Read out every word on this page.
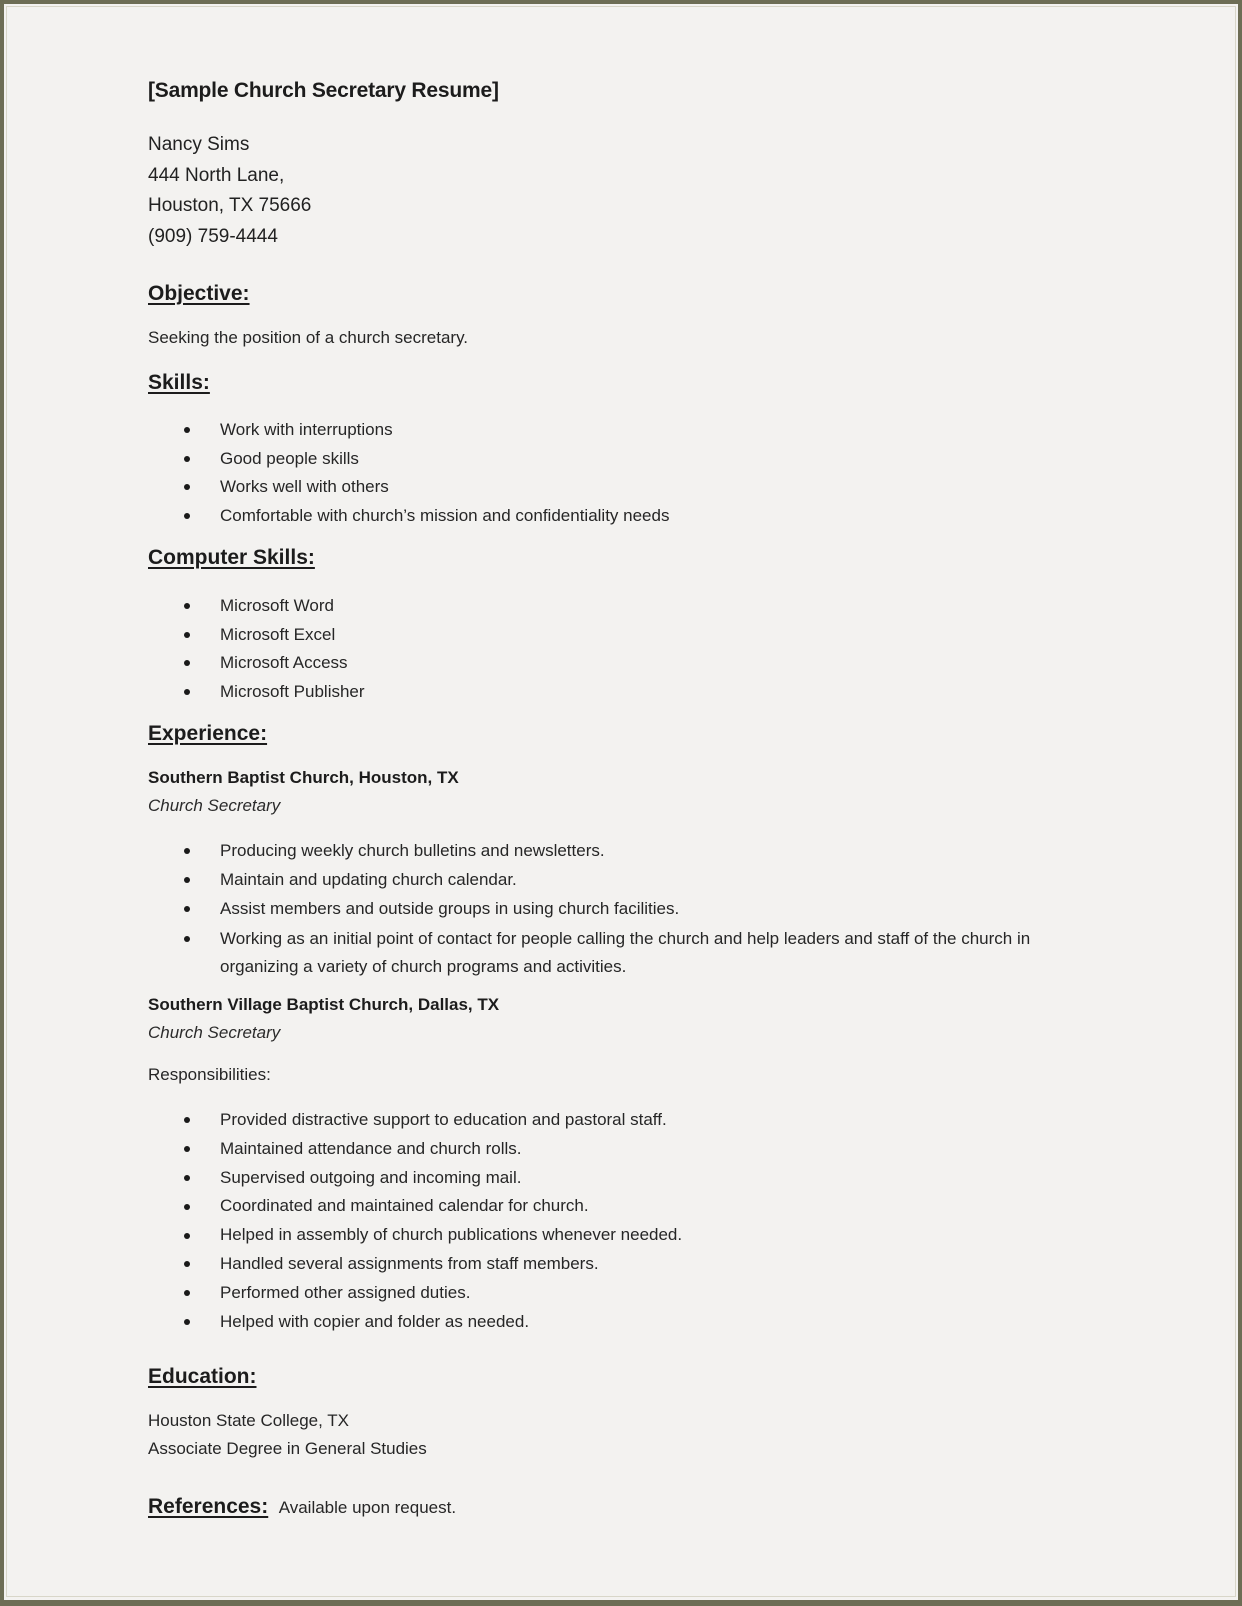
[Sample Church Secretary Resume]
Nancy Sims
444 North Lane,
Houston, TX 75666
(909) 759-4444
Objective:
Seeking the position of a church secretary.
Skills:
Work with interruptions
Good people skills
Works well with others
Comfortable with church’s mission and confidentiality needs
Computer Skills:
Microsoft Word
Microsoft Excel
Microsoft Access
Microsoft Publisher
Experience:
Southern Baptist Church, Houston, TX
Church Secretary
Producing weekly church bulletins and newsletters.
Maintain and updating church calendar.
Assist members and outside groups in using church facilities.
Working as an initial point of contact for people calling the church and help leaders and staff of the church in organizing a variety of church programs and activities.
Southern Village Baptist Church, Dallas, TX
Church Secretary
Responsibilities:
Provided distractive support to education and pastoral staff.
Maintained attendance and church rolls.
Supervised outgoing and incoming mail.
Coordinated and maintained calendar for church.
Helped in assembly of church publications whenever needed.
Handled several assignments from staff members.
Performed other assigned duties.
Helped with copier and folder as needed.
Education:
Houston State College, TX
Associate Degree in General Studies
References: Available upon request.
